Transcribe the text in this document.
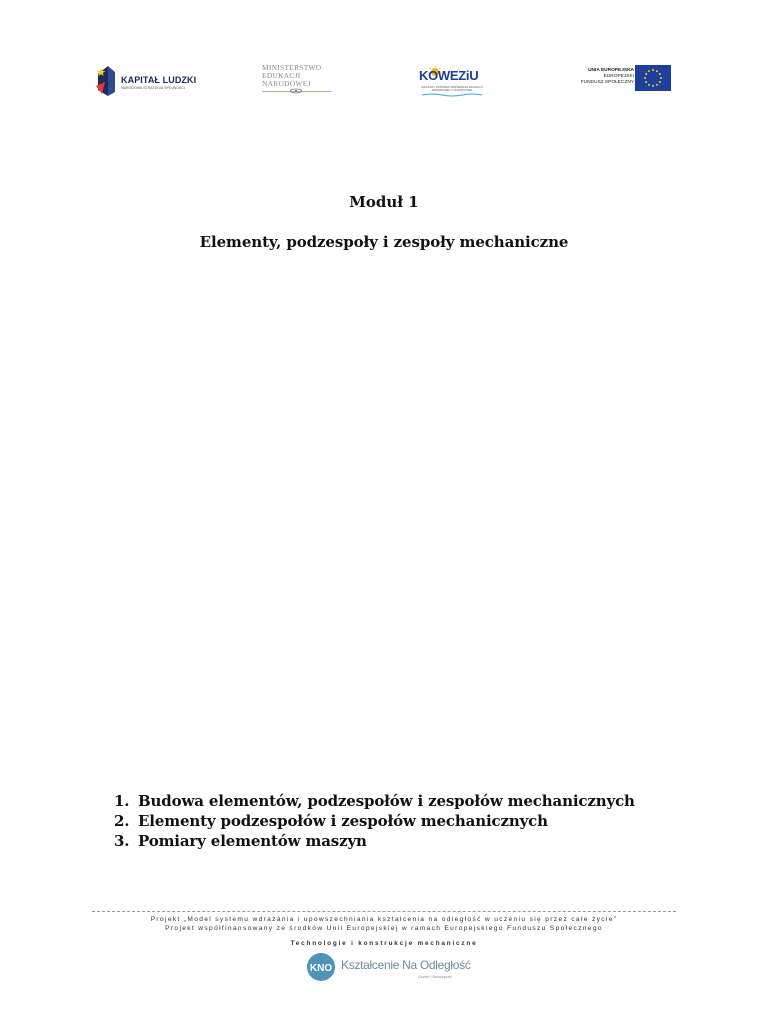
KAPITAŁ LUDZKI
NARODOWA STRATEGIA SPÓJNOŚCI
MINISTERSTWO
EDUKACJI
NARODOWEJ
KOWEZiU
KRAJOWY OŚRODEK WSPIERANIA EDUKACJI ZAWODOWEJ I USTAWICZNEJ
UNIA EUROPEJSKA
EUROPEJSKI
FUNDUSZ SPOŁECZNY
Moduł 1
Elementy, podzespoły i zespoły mechaniczne
1. Budowa elementów, podzespołów i zespołów mechanicznych
2. Elementy podzespołów i zespołów mechanicznych
3. Pomiary elementów maszyn
Projekt „Model systemu wdrażania i upowszechniania kształcenia na odległość w uczeniu się przez całe życie”
Projekt współfinansowany ze środków Unii Europejskiej w ramach Europejskiego Funduszu Społecznego
Technologie i konstrukcje mechaniczne
KNO Kształcenie Na Odległość
Uczeń i Nauczyciel
